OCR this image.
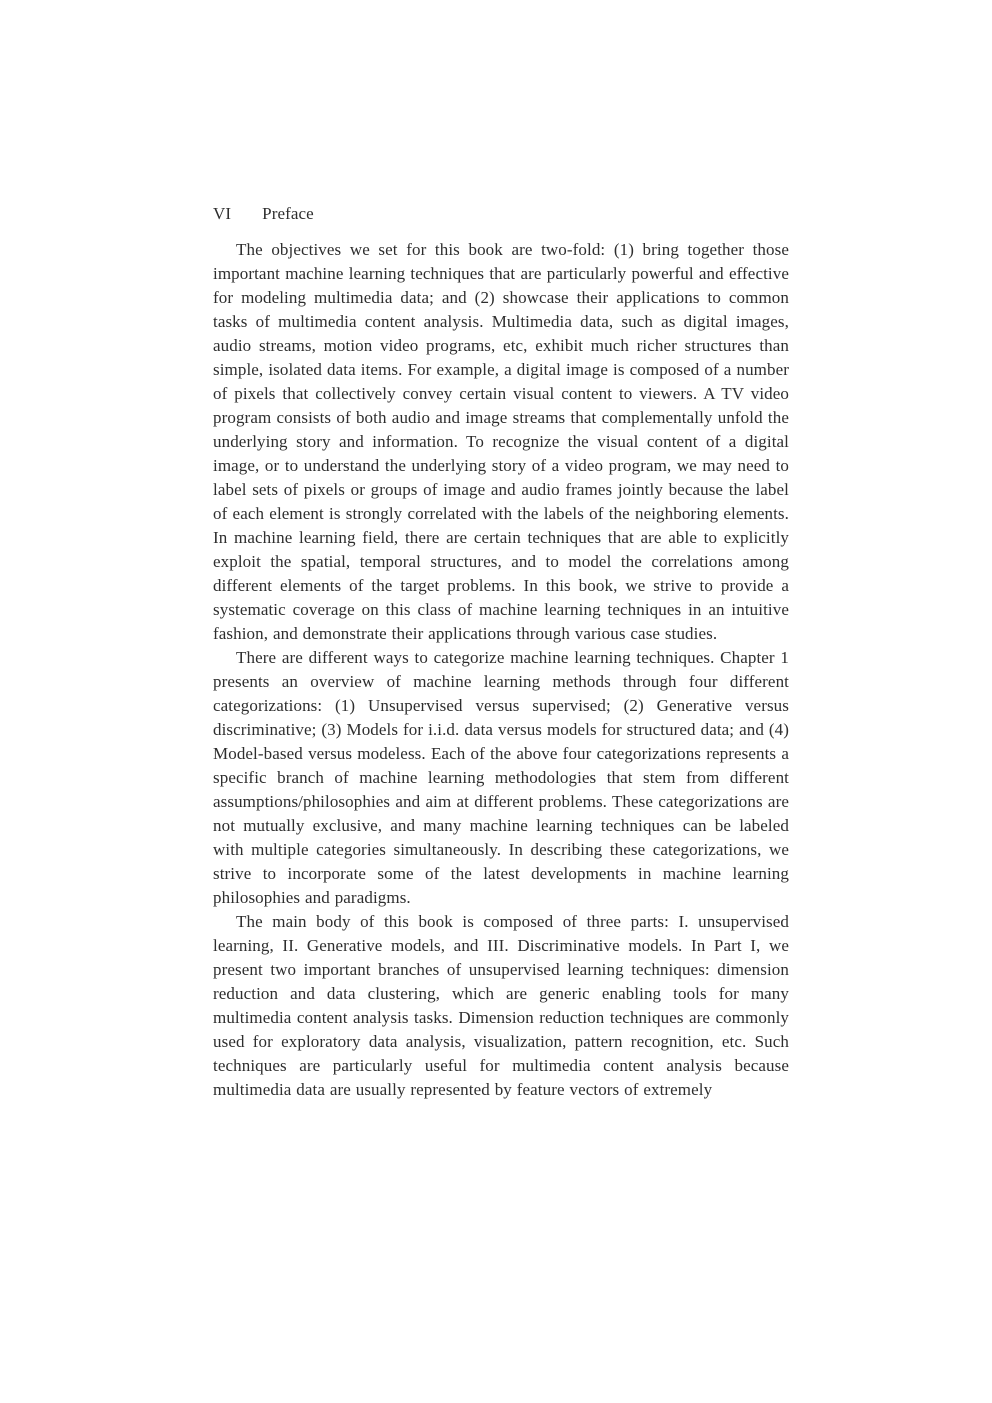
VI Preface

The objectives we set for this book are two-fold: (1) bring together those important machine learning techniques that are particularly powerful and effective for modeling multimedia data; and (2) showcase their applications to common tasks of multimedia content analysis. Multimedia data, such as digital images, audio streams, motion video programs, etc, exhibit much richer structures than simple, isolated data items. For example, a digital image is composed of a number of pixels that collectively convey certain visual content to viewers. A TV video program consists of both audio and image streams that complementally unfold the underlying story and information. To recognize the visual content of a digital image, or to understand the underlying story of a video program, we may need to label sets of pixels or groups of image and audio frames jointly because the label of each element is strongly correlated with the labels of the neighboring elements. In machine learning field, there are certain techniques that are able to explicitly exploit the spatial, temporal structures, and to model the correlations among different elements of the target problems. In this book, we strive to provide a systematic coverage on this class of machine learning techniques in an intuitive fashion, and demonstrate their applications through various case studies.

There are different ways to categorize machine learning techniques. Chapter 1 presents an overview of machine learning methods through four different categorizations: (1) Unsupervised versus supervised; (2) Generative versus discriminative; (3) Models for i.i.d. data versus models for structured data; and (4) Model-based versus modeless. Each of the above four categorizations represents a specific branch of machine learning methodologies that stem from different assumptions/philosophies and aim at different problems. These categorizations are not mutually exclusive, and many machine learning techniques can be labeled with multiple categories simultaneously. In describing these categorizations, we strive to incorporate some of the latest developments in machine learning philosophies and paradigms.

The main body of this book is composed of three parts: I. unsupervised learning, II. Generative models, and III. Discriminative models. In Part I, we present two important branches of unsupervised learning techniques: dimension reduction and data clustering, which are generic enabling tools for many multimedia content analysis tasks. Dimension reduction techniques are commonly used for exploratory data analysis, visualization, pattern recognition, etc. Such techniques are particularly useful for multimedia content analysis because multimedia data are usually represented by feature vectors of extremely
